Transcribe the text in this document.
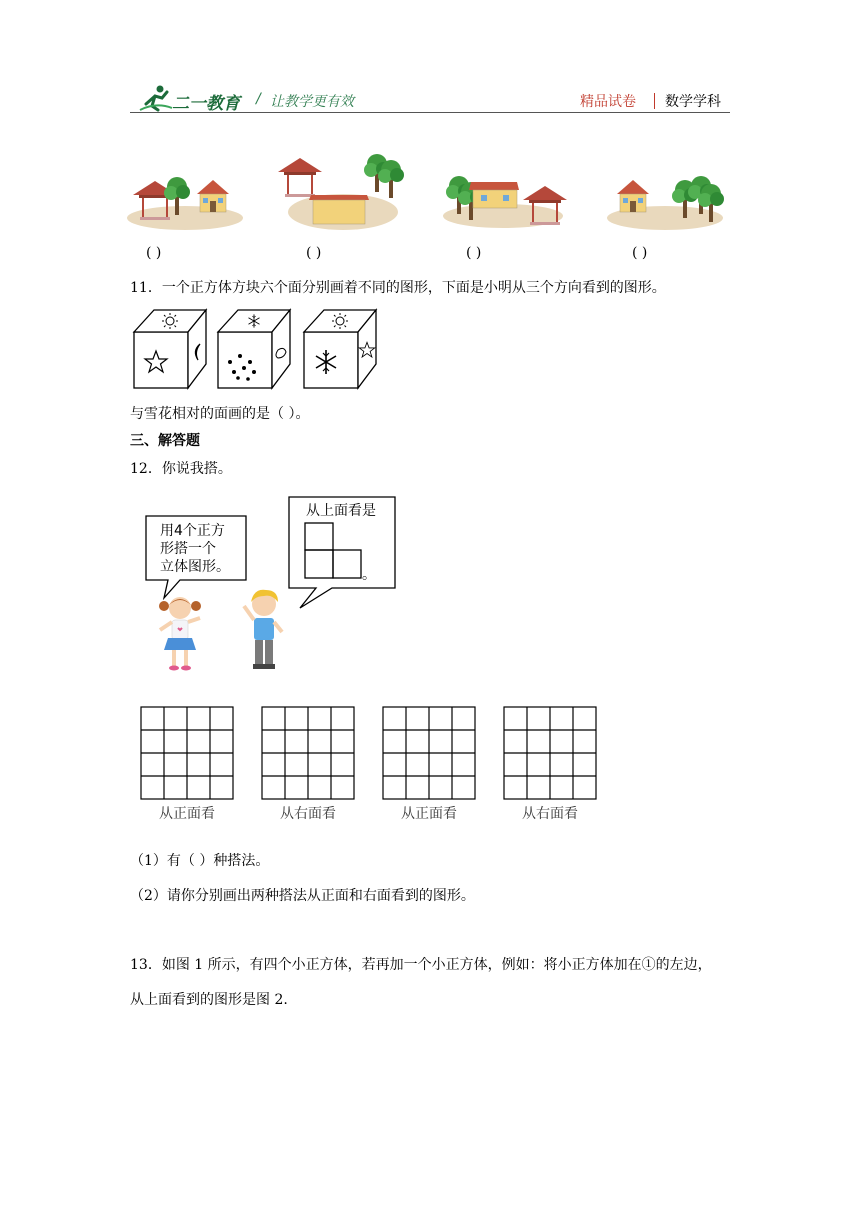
二一教育 / 让教学更有效	精品试卷 数学学科
( )	( )	( )	( )
11．一个正方体方块六个面分别画着不同的图形，下面是小明从三个方向看到的图形。
与雪花相对的面画的是（ ）。
三、解答题
12．你说我搭。
用4个正方
形搭一个
立体图形。
从上面看是
。
从正面看	从右面看	从正面看	从右面看
（1）有（ ）种搭法。
（2）请你分别画出两种搭法从正面和右面看到的图形。
13．如图 1 所示，有四个小正方体，若再加一个小正方体，例如：将小正方体加在①的左边，
从上面看到的图形是图 2.
